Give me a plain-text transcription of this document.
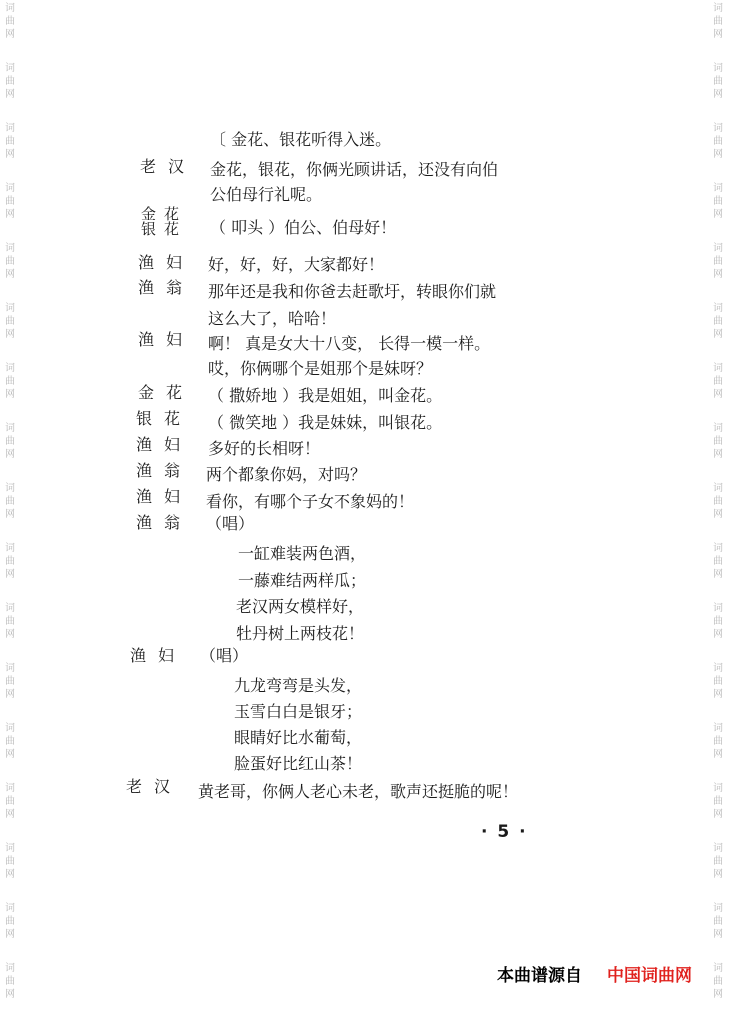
词
曲
网
词
曲
网
词
曲
网
词
曲
网
词
曲
网
词
曲
网
词
曲
网
词
曲
网
词
曲
网
词
曲
网
词
曲
网
词
曲
网
词
曲
网
词
曲
网
词
曲
网
词
曲
网
词
曲
网
词
曲
网
词
曲
网
词
曲
网
词
曲
网
词
曲
网
词
曲
网
词
曲
网
词
曲
网
词
曲
网
词
曲
网
词
曲
网
词
曲
网
词
曲
网
词
曲
网
词
曲
网
词
曲
网
词
曲
网
〔 金花、银花听得入迷。
老汉 金花，银花，你俩光顾讲话，还没有向伯
公伯母行礼呢。
金花
银花 （ 叩头 ）伯公、伯母好！
渔妇 好，好，好，大家都好！
渔翁 那年还是我和你爸去赶歌圩，转眼你们就
这么大了，哈哈！
渔妇 啊！ 真是女大十八变， 长得一模一样。
哎，你俩哪个是姐那个是妹呀？
金花 （ 撒娇地 ）我是姐姐，叫金花。
银花 （ 微笑地 ）我是妹妹，叫银花。
渔妇 多好的长相呀！
渔翁 两个都象你妈，对吗？
渔妇 看你，有哪个子女不象妈的！
渔翁 （唱）
一缸难装两色酒，
一藤难结两样瓜；
老汉两女模样好，
牡丹树上两枝花！
渔妇 （唱）
九龙弯弯是头发，
玉雪白白是银牙；
眼睛好比水葡萄，
脸蛋好比红山茶！
老汉 黄老哥，你俩人老心未老，歌声还挺脆的呢！
· 5 ·
本曲谱源自 中国词曲网
